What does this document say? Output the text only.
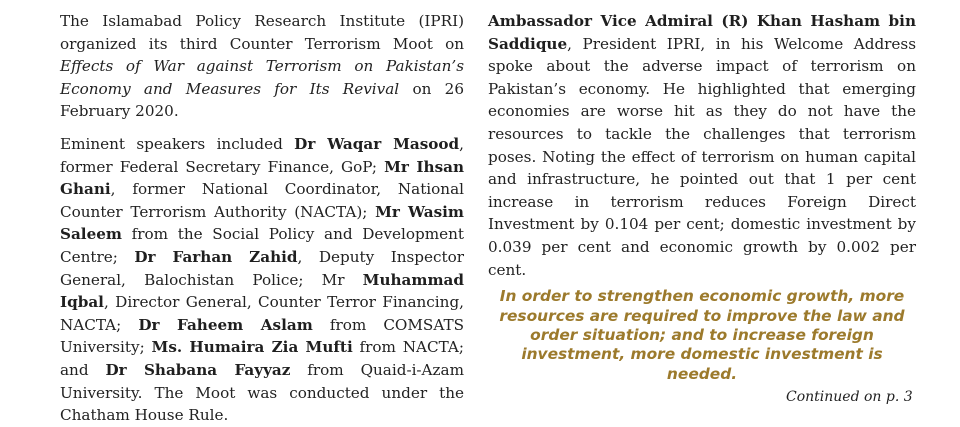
The Islamabad Policy Research Institute (IPRI) organized its third Counter Terrorism Moot on Effects of War against Terrorism on Pakistan’s Economy and Measures for Its Revival on 26 February 2020.

Eminent speakers included Dr Waqar Masood, former Federal Secretary Finance, GoP; Mr Ihsan Ghani, former National Coordinator, National Counter Terrorism Authority (NACTA); Mr Wasim Saleem from the Social Policy and Development Centre; Dr Farhan Zahid, Deputy Inspector General, Balochistan Police; Mr Muhammad Iqbal, Director General, Counter Terror Financing, NACTA; Dr Faheem Aslam from COMSATS University; Ms. Humaira Zia Mufti from NACTA; and Dr Shabana Fayyaz from Quaid-i-Azam University. The Moot was conducted under the Chatham House Rule.

Ambassador Vice Admiral (R) Khan Hasham bin Saddique, President IPRI, in his Welcome Address spoke about the adverse impact of terrorism on Pakistan’s economy. He highlighted that emerging economies are worse hit as they do not have the resources to tackle the challenges that terrorism poses. Noting the effect of terrorism on human capital and infrastructure, he pointed out that 1 per cent increase in terrorism reduces Foreign Direct Investment by 0.104 per cent; domestic investment by 0.039 per cent and economic growth by 0.002 per cent.

In order to strengthen economic growth, more resources are required to improve the law and order situation; and to increase foreign investment, more domestic investment is needed.
Continued on p. 3
